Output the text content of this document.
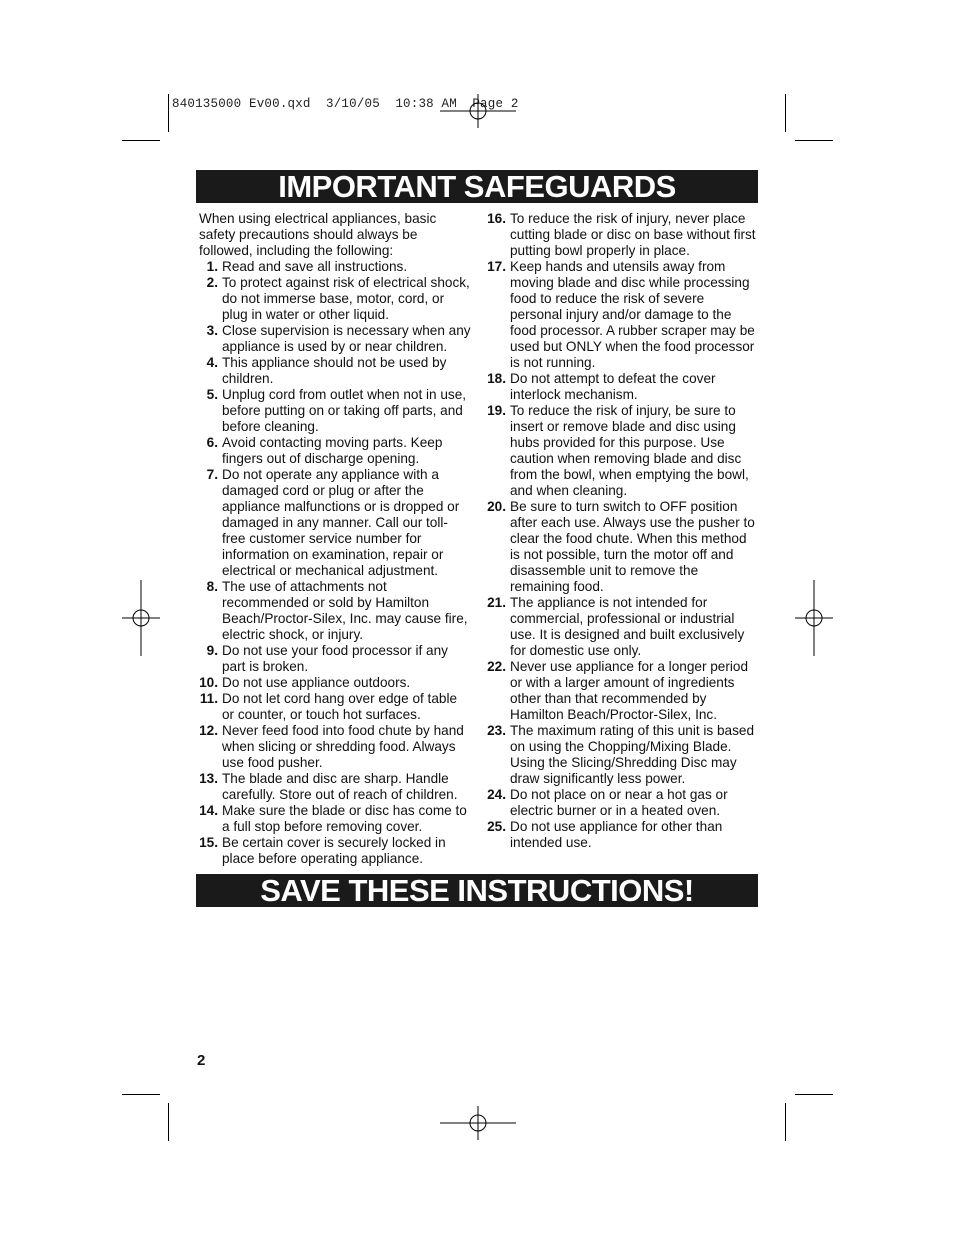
840135000 Ev00.qxd  3/10/05  10:38 AM  Page 2
IMPORTANT SAFEGUARDS

When using electrical appliances, basic safety precautions should always be followed, including the following:

1. Read and save all instructions.
2. To protect against risk of electrical shock, do not immerse base, motor, cord, or plug in water or other liquid.
3. Close supervision is necessary when any appliance is used by or near children.
4. This appliance should not be used by children.
5. Unplug cord from outlet when not in use, before putting on or taking off parts, and before cleaning.
6. Avoid contacting moving parts. Keep fingers out of discharge opening.
7. Do not operate any appliance with a damaged cord or plug or after the appliance malfunctions or is dropped or damaged in any manner. Call our toll-free customer service number for information on examination, repair or electrical or mechanical adjustment.
8. The use of attachments not recommended or sold by Hamilton Beach/Proctor-Silex, Inc. may cause fire, electric shock, or injury.
9. Do not use your food processor if any part is broken.
10. Do not use appliance outdoors.
11. Do not let cord hang over edge of table or counter, or touch hot surfaces.
12. Never feed food into food chute by hand when slicing or shredding food. Always use food pusher.
13. The blade and disc are sharp. Handle carefully. Store out of reach of children.
14. Make sure the blade or disc has come to a full stop before removing cover.
15. Be certain cover is securely locked in place before operating appliance.
16. To reduce the risk of injury, never place cutting blade or disc on base without first putting bowl properly in place.
17. Keep hands and utensils away from moving blade and disc while processing food to reduce the risk of severe personal injury and/or damage to the food processor. A rubber scraper may be used but ONLY when the food processor is not running.
18. Do not attempt to defeat the cover interlock mechanism.
19. To reduce the risk of injury, be sure to insert or remove blade and disc using hubs provided for this purpose. Use caution when removing blade and disc from the bowl, when emptying the bowl, and when cleaning.
20. Be sure to turn switch to OFF position after each use. Always use the pusher to clear the food chute. When this method is not possible, turn the motor off and disassemble unit to remove the remaining food.
21. The appliance is not intended for commercial, professional or industrial use. It is designed and built exclusively for domestic use only.
22. Never use appliance for a longer period or with a larger amount of ingredients other than that recommended by Hamilton Beach/Proctor-Silex, Inc.
23. The maximum rating of this unit is based on using the Chopping/Mixing Blade. Using the Slicing/Shredding Disc may draw significantly less power.
24. Do not place on or near a hot gas or electric burner or in a heated oven.
25. Do not use appliance for other than intended use.
SAVE THESE INSTRUCTIONS!
2
